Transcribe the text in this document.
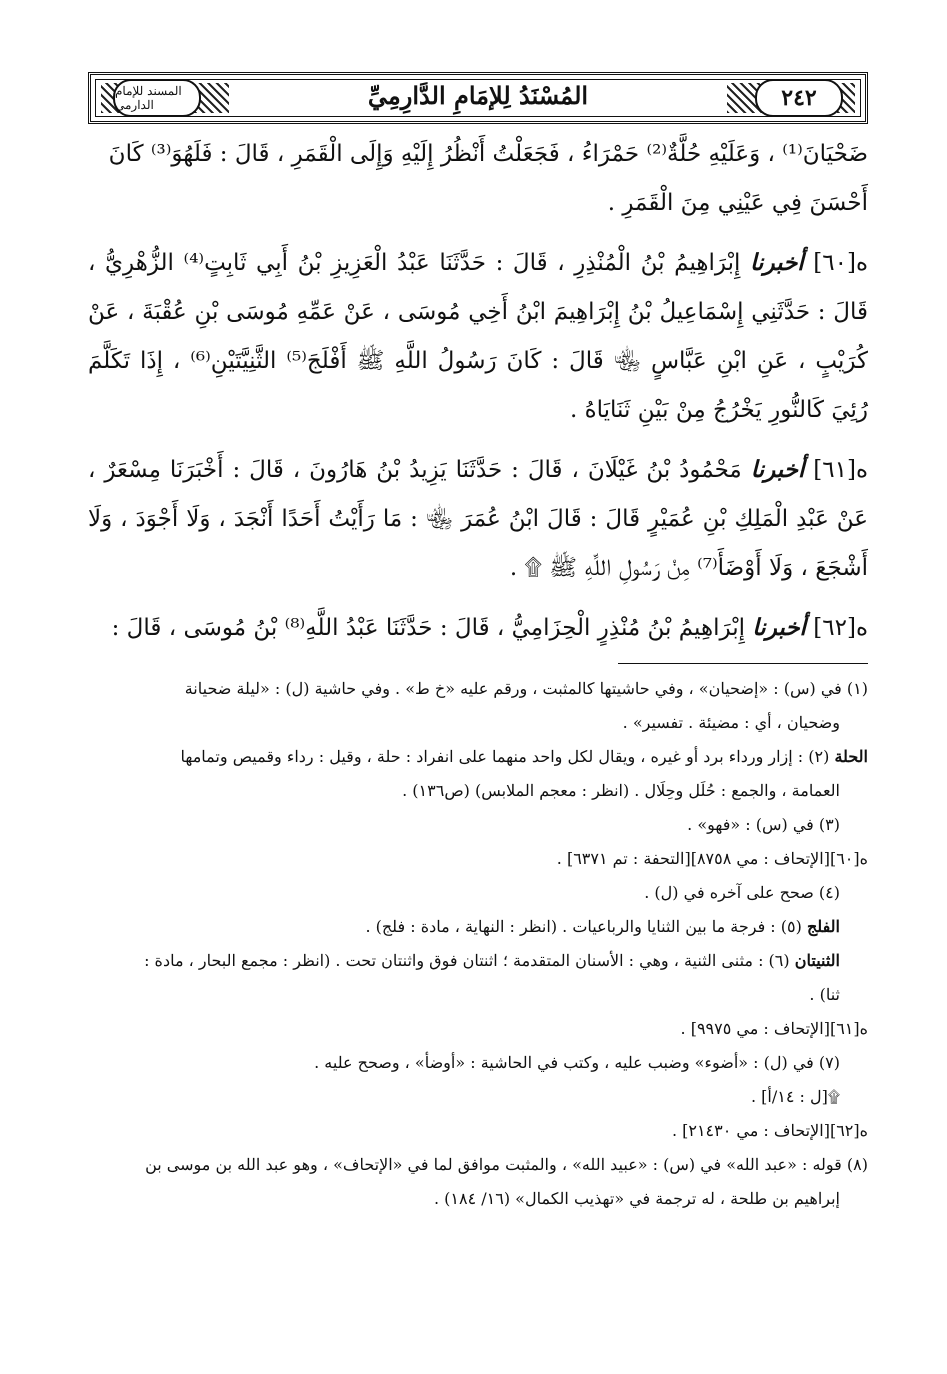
المسند للإمام الدارمي	٢٤٢
المُسْنَدُ لِلإمَامِ الدَّارِمِيِّ

ضَحْيَانَ⁽¹⁾ ، وَعَلَيْهِ حُلَّةٌ⁽²⁾ حَمْرَاءُ ، فَجَعَلْتُ أَنْظُرُ إِلَيْهِ وَإِلَى الْقَمَرِ ، قَالَ : فَلَهُوَ⁽³⁾ كَانَ
أَحْسَنَ فِي عَيْنِي مِنَ الْقَمَرِ .

ه[٦٠] أخبرنا إِبْرَاهِيمُ بْنُ الْمُنْذِرِ ، قَالَ : حَدَّثَنَا عَبْدُ الْعَزِيزِ بْنُ أَبِي ثَابِتٍ⁽⁴⁾ الزُّهْرِيُّ ، قَالَ : حَدَّثَنِي إِسْمَاعِيلُ بْنُ إِبْرَاهِيمَ ابْنُ أَخِي مُوسَى ، عَنْ عَمِّهِ مُوسَى بْنِ عُقْبَةَ ، عَنْ كُرَيْبٍ ، عَنِ ابْنِ عَبَّاسٍ ﵄ قَالَ : كَانَ رَسُولُ اللَّهِ ﷺ أَفْلَجَ⁽⁵⁾ الثَّنِيَّتَيْنِ⁽⁶⁾ ، إِذَا تَكَلَّمَ رُئِيَ كَالنُّورِ يَخْرُجُ مِنْ بَيْنِ ثَنَايَاهُ .

ه[٦١] أخبرنا مَحْمُودُ بْنُ غَيْلَانَ ، قَالَ : حَدَّثَنَا يَزِيدُ بْنُ هَارُونَ ، قَالَ : أَخْبَرَنَا مِسْعَرٌ ، عَنْ عَبْدِ الْمَلِكِ بْنِ عُمَيْرٍ قَالَ : قَالَ ابْنُ عُمَرَ ﵄ : مَا رَأَيْتُ أَحَدًا أَنْجَدَ ، وَلَا أَجْوَدَ ، وَلَا أَشْجَعَ ، وَلَا أَوْضَأَ⁽⁷⁾ مِنْ رَسُولِ اللَّهِ ﷺ ۩ .

ه[٦٢] أخبرنا إِبْرَاهِيمُ بْنُ مُنْذِرٍ الْحِزَامِيُّ ، قَالَ : حَدَّثَنَا عَبْدُ اللَّهِ⁽⁸⁾ بْنُ مُوسَى ، قَالَ :

(١) في (س) : «إضحيان» ، وفي حاشيتها كالمثبت ، ورقم عليه «خ ط» . وفي حاشية (ل) : «ليلة ضحيانة

وضحيان ، أي : مضيئة . تفسير» .

الحلة (٢) : إزار ورداء برد أو غيره ، ويقال لكل واحد منهما على انفراد : حلة ، وقيل : رداء وقميص وتمامها

العمامة ، والجمع : حُلَل وحِلَال . (انظر : معجم الملابس) (ص١٣٦) .

(٣) في (س) : «فهو» .

ه[٦٠][الإتحاف : مي ٨٧٥٨][التحفة : تم ٦٣٧١] .

(٤) صحح على آخره في (ل) .

الفلج (٥) : فرجة ما بين الثنايا والرباعيات . (انظر : النهاية ، مادة : فلج) .

الثنيتان (٦) : مثنى الثنية ، وهي : الأسنان المتقدمة ؛ اثنتان فوق واثنتان تحت . (انظر : مجمع البحار ، مادة :

ثنا) .

ه[٦١][الإتحاف : مي ٩٩٧٥] .

(٧) في (ل) : «أضوء» وضبب عليه ، وكتب في الحاشية : «أوضأ» ، وصحح عليه .

۩[ل : ١٤/أ] .

ه[٦٢][الإتحاف : مي ٢١٤٣٠] .

(٨) قوله : «عبد الله» في (س) : «عبيد الله» ، والمثبت موافق لما في «الإتحاف» ، وهو عبد الله بن موسى بن

إبراهيم بن طلحة ، له ترجمة في «تهذيب الكمال» (١٦/ ١٨٤) .
